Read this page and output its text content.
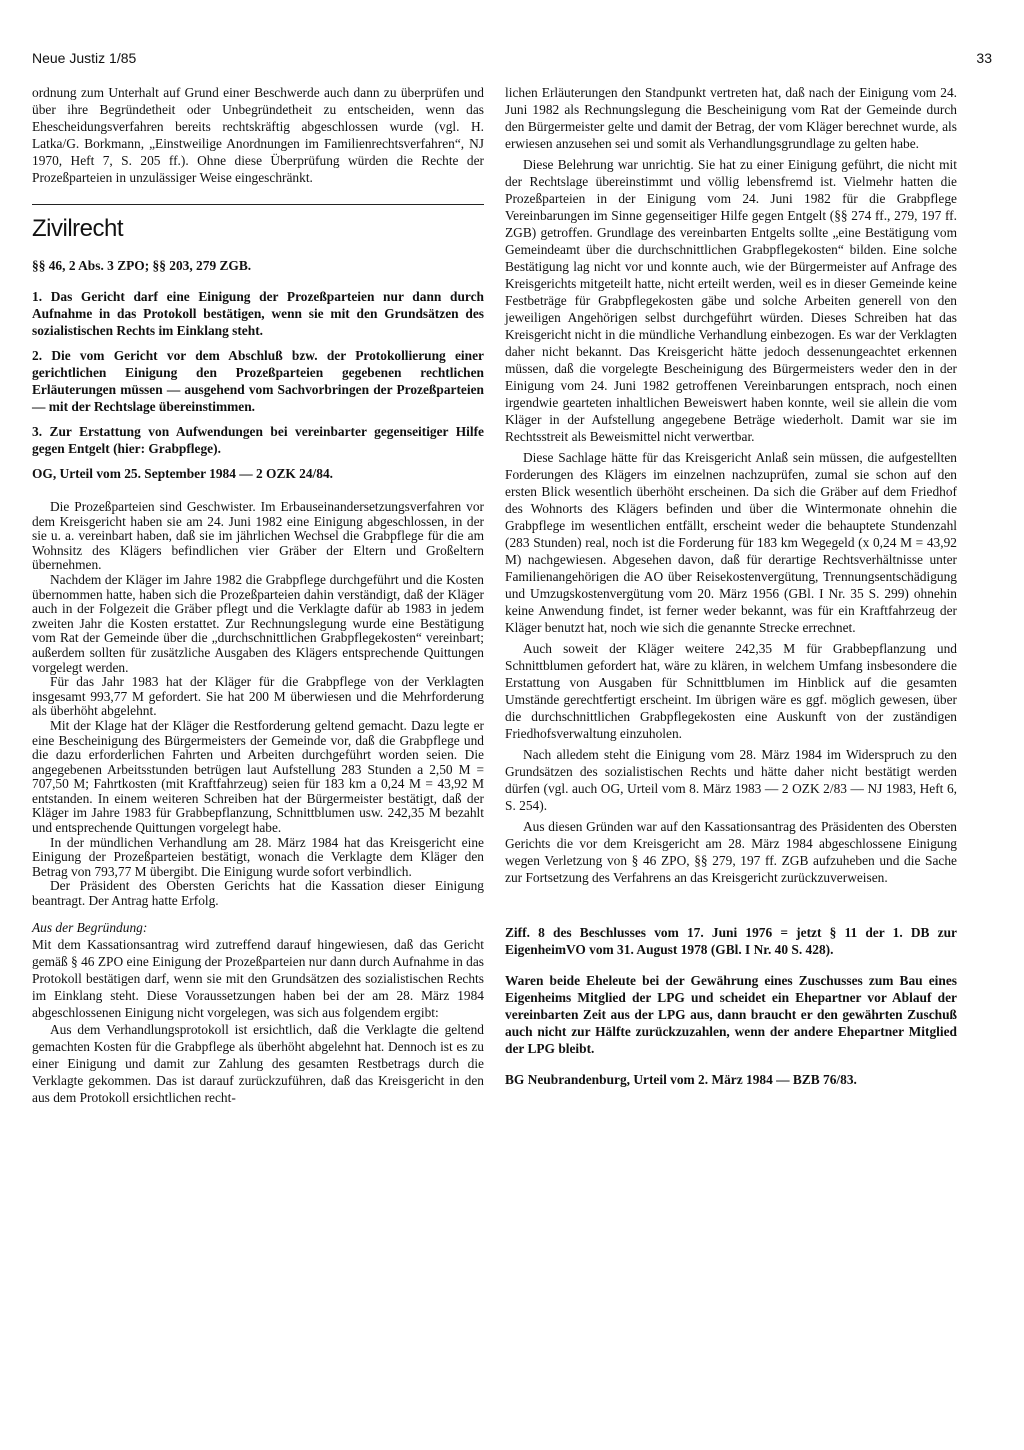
Neue Justiz 1/85	33

ordnung zum Unterhalt auf Grund einer Beschwerde auch dann zu überprüfen und über ihre Begründetheit oder Unbegründetheit zu entscheiden, wenn das Ehescheidungsverfahren bereits rechtskräftig abgeschlossen wurde (vgl. H. Latka/G. Borkmann, „Einstweilige Anordnungen im Familienrechtsverfahren“, NJ 1970, Heft 7, S. 205 ff.). Ohne diese Überprüfung würden die Rechte der Prozeßparteien in unzulässiger Weise eingeschränkt.

Zivilrecht

§§ 46, 2 Abs. 3 ZPO; §§ 203, 279 ZGB.

1. Das Gericht darf eine Einigung der Prozeßparteien nur dann durch Aufnahme in das Protokoll bestätigen, wenn sie mit den Grundsätzen des sozialistischen Rechts im Einklang steht.

2. Die vom Gericht vor dem Abschluß bzw. der Protokollierung einer gerichtlichen Einigung den Prozeßparteien gegebenen rechtlichen Erläuterungen müssen — ausgehend vom Sachvorbringen der Prozeßparteien — mit der Rechtslage übereinstimmen.

3. Zur Erstattung von Aufwendungen bei vereinbarter gegenseitiger Hilfe gegen Entgelt (hier: Grabpflege).

OG, Urteil vom 25. September 1984 — 2 OZK 24/84.

Die Prozeßparteien sind Geschwister. Im Erbauseinandersetzungsverfahren vor dem Kreisgericht haben sie am 24. Juni 1982 eine Einigung abgeschlossen, in der sie u. a. vereinbart haben, daß sie im jährlichen Wechsel die Grabpflege für die am Wohnsitz des Klägers befindlichen vier Gräber der Eltern und Großeltern übernehmen.

Nachdem der Kläger im Jahre 1982 die Grabpflege durchgeführt und die Kosten übernommen hatte, haben sich die Prozeßparteien dahin verständigt, daß der Kläger auch in der Folgezeit die Gräber pflegt und die Verklagte dafür ab 1983 in jedem zweiten Jahr die Kosten erstattet. Zur Rechnungslegung wurde eine Bestätigung vom Rat der Gemeinde über die „durchschnittlichen Grabpflegekosten“ vereinbart; außerdem sollten für zusätzliche Ausgaben des Klägers entsprechende Quittungen vorgelegt werden.

Für das Jahr 1983 hat der Kläger für die Grabpflege von der Verklagten insgesamt 993,77 M gefordert. Sie hat 200 M überwiesen und die Mehrforderung als überhöht abgelehnt.

Mit der Klage hat der Kläger die Restforderung geltend gemacht. Dazu legte er eine Bescheinigung des Bürgermeisters der Gemeinde vor, daß die Grabpflege und die dazu erforderlichen Fahrten und Arbeiten durchgeführt worden seien. Die angegebenen Arbeitsstunden betrügen laut Aufstellung 283 Stunden a 2,50 M = 707,50 M; Fahrtkosten (mit Kraftfahrzeug) seien für 183 km a 0,24 M = 43,92 M entstanden. In einem weiteren Schreiben hat der Bürgermeister bestätigt, daß der Kläger im Jahre 1983 für Grabbepflanzung, Schnittblumen usw. 242,35 M bezahlt und entsprechende Quittungen vorgelegt habe.

In der mündlichen Verhandlung am 28. März 1984 hat das Kreisgericht eine Einigung der Prozeßparteien bestätigt, wonach die Verklagte dem Kläger den Betrag von 793,77 M übergibt. Die Einigung wurde sofort verbindlich.

Der Präsident des Obersten Gerichts hat die Kassation dieser Einigung beantragt. Der Antrag hatte Erfolg.

Aus der Begründung:

Mit dem Kassationsantrag wird zutreffend darauf hingewiesen, daß das Gericht gemäß § 46 ZPO eine Einigung der Prozeßparteien nur dann durch Aufnahme in das Protokoll bestätigen darf, wenn sie mit den Grundsätzen des sozialistischen Rechts im Einklang steht. Diese Voraussetzungen haben bei der am 28. März 1984 abgeschlossenen Einigung nicht vorgelegen, was sich aus folgendem ergibt:

Aus dem Verhandlungsprotokoll ist ersichtlich, daß die Verklagte die geltend gemachten Kosten für die Grabpflege als überhöht abgelehnt hat. Dennoch ist es zu einer Einigung und damit zur Zahlung des gesamten Restbetrags durch die Verklagte gekommen. Das ist darauf zurückzuführen, daß das Kreisgericht in den aus dem Protokoll ersichtlichen recht-

lichen Erläuterungen den Standpunkt vertreten hat, daß nach der Einigung vom 24. Juni 1982 als Rechnungslegung die Bescheinigung vom Rat der Gemeinde durch den Bürgermeister gelte und damit der Betrag, der vom Kläger berechnet wurde, als erwiesen anzusehen sei und somit als Verhandlungsgrundlage zu gelten habe.

Diese Belehrung war unrichtig. Sie hat zu einer Einigung geführt, die nicht mit der Rechtslage übereinstimmt und völlig lebensfremd ist. Vielmehr hatten die Prozeßparteien in der Einigung vom 24. Juni 1982 für die Grabpflege Vereinbarungen im Sinne gegenseitiger Hilfe gegen Entgelt (§§ 274 ff., 279, 197 ff. ZGB) getroffen. Grundlage des vereinbarten Entgelts sollte „eine Bestätigung vom Gemeindeamt über die durchschnittlichen Grabpflegekosten“ bilden. Eine solche Bestätigung lag nicht vor und konnte auch, wie der Bürgermeister auf Anfrage des Kreisgerichts mitgeteilt hatte, nicht erteilt werden, weil es in dieser Gemeinde keine Festbeträge für Grabpflegekosten gäbe und solche Arbeiten generell von den jeweiligen Angehörigen selbst durchgeführt würden. Dieses Schreiben hat das Kreisgericht nicht in die mündliche Verhandlung einbezogen. Es war der Verklagten daher nicht bekannt. Das Kreisgericht hätte jedoch dessenungeachtet erkennen müssen, daß die vorgelegte Bescheinigung des Bürgermeisters weder den in der Einigung vom 24. Juni 1982 getroffenen Vereinbarungen entsprach, noch einen irgendwie gearteten inhaltlichen Beweiswert haben konnte, weil sie allein die vom Kläger in der Aufstellung angegebene Beträge wiederholt. Damit war sie im Rechtsstreit als Beweismittel nicht verwertbar.

Diese Sachlage hätte für das Kreisgericht Anlaß sein müssen, die aufgestellten Forderungen des Klägers im einzelnen nachzuprüfen, zumal sie schon auf den ersten Blick wesentlich überhöht erscheinen. Da sich die Gräber auf dem Friedhof des Wohnorts des Klägers befinden und über die Wintermonate ohnehin die Grabpflege im wesentlichen entfällt, erscheint weder die behauptete Stundenzahl (283 Stunden) real, noch ist die Forderung für 183 km Wegegeld (x 0,24 M = 43,92 M) nachgewiesen. Abgesehen davon, daß für derartige Rechtsverhältnisse unter Familienangehörigen die AO über Reisekostenvergütung, Trennungsentschädigung und Umzugskostenvergütung vom 20. März 1956 (GBl. I Nr. 35 S. 299) ohnehin keine Anwendung findet, ist ferner weder bekannt, was für ein Kraftfahrzeug der Kläger benutzt hat, noch wie sich die genannte Strecke errechnet.

Auch soweit der Kläger weitere 242,35 M für Grabbepflanzung und Schnittblumen gefordert hat, wäre zu klären, in welchem Umfang insbesondere die Erstattung von Ausgaben für Schnittblumen im Hinblick auf die gesamten Umstände gerechtfertigt erscheint. Im übrigen wäre es ggf. möglich gewesen, über die durchschnittlichen Grabpflegekosten eine Auskunft von der zuständigen Friedhofsverwaltung einzuholen.

Nach alledem steht die Einigung vom 28. März 1984 im Widerspruch zu den Grundsätzen des sozialistischen Rechts und hätte daher nicht bestätigt werden dürfen (vgl. auch OG, Urteil vom 8. März 1983 — 2 OZK 2/83 — NJ 1983, Heft 6, S. 254).

Aus diesen Gründen war auf den Kassationsantrag des Präsidenten des Obersten Gerichts die vor dem Kreisgericht am 28. März 1984 abgeschlossene Einigung wegen Verletzung von § 46 ZPO, §§ 279, 197 ff. ZGB aufzuheben und die Sache zur Fortsetzung des Verfahrens an das Kreisgericht zurückzuverweisen.

Ziff. 8 des Beschlusses vom 17. Juni 1976 = jetzt § 11 der 1. DB zur EigenheimVO vom 31. August 1978 (GBl. I Nr. 40 S. 428).

Waren beide Eheleute bei der Gewährung eines Zuschusses zum Bau eines Eigenheims Mitglied der LPG und scheidet ein Ehepartner vor Ablauf der vereinbarten Zeit aus der LPG aus, dann braucht er den gewährten Zuschuß auch nicht zur Hälfte zurückzuzahlen, wenn der andere Ehepartner Mitglied der LPG bleibt.

BG Neubrandenburg, Urteil vom 2. März 1984 — BZB 76/83.
